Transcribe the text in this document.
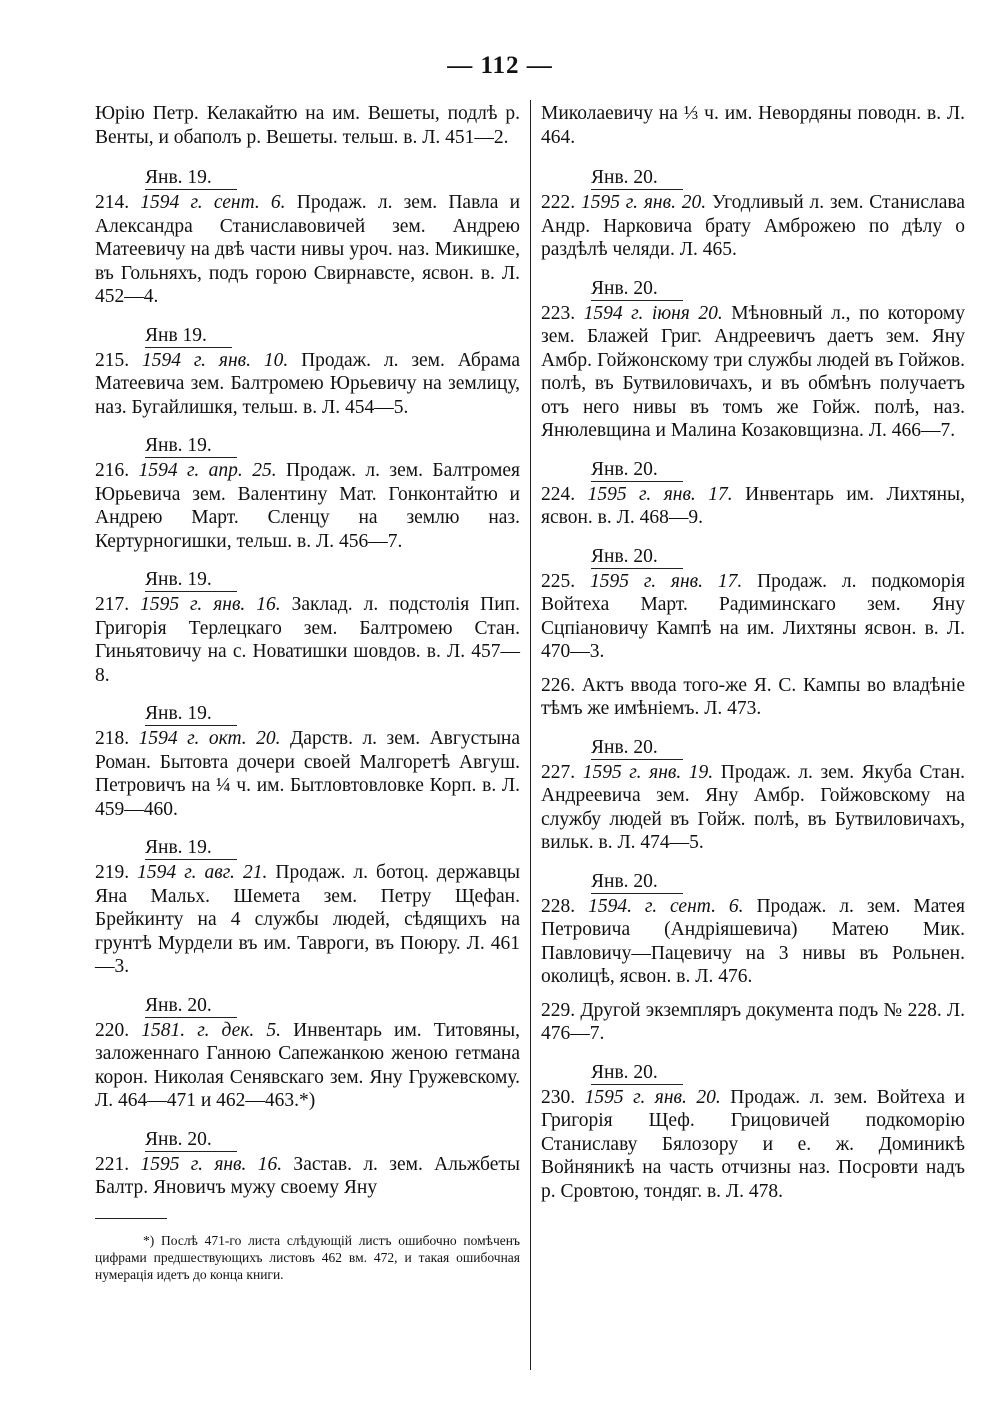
— 112 —

Юрію Петр. Келакайтю на им. Вешеты, подлѣ р. Венты, и обаполъ р. Вешеты. тельш. в. Л. 451—2.

Янв. 19.

214. 1594 г. сент. 6. Продаж. л. зем. Павла и Александра Станиславовичей зем. Андрею Матеевичу на двѣ части нивы уроч. наз. Микишке, въ Гольняхъ, подъ горою Свирнавсте, ясвон. в. Л. 452—4.

Янв 19.

215. 1594 г. янв. 10. Продаж. л. зем. Абрама Матеевича зем. Балтромею Юрьевичу на землицу, наз. Бугайлишкя, тельш. в. Л. 454—5.

Янв. 19.

216. 1594 г. апр. 25. Продаж. л. зем. Балтромея Юрьевича зем. Валентину Мат. Гонконтайтю и Андрею Март. Сленцу на землю наз. Кертурногишки, тельш. в. Л. 456—7.

Янв. 19.

217. 1595 г. янв. 16. Заклад. л. подстолія Пип. Григорія Терлецкаго зем. Балтромею Стан. Гиньятовичу на с. Новатишки шовдов. в. Л. 457—8.

Янв. 19.

218. 1594 г. окт. 20. Дарств. л. зем. Августына Роман. Бытовта дочери своей Малгоретѣ Авгуш. Петровичъ на ¼ ч. им. Бытловтовловке Корп. в. Л. 459—460.

Янв. 19.

219. 1594 г. авг. 21. Продаж. л. ботоц. державцы Яна Мальх. Шемета зем. Петру Щефан. Брейкинту на 4 службы людей, сѣдящихъ на грунтѣ Мурдели въ им. Тавроги, въ Поюру. Л. 461—3.

Янв. 20.

220. 1581. г. дек. 5. Инвентарь им. Титовяны, заложеннаго Ганною Сапежанкою женою гетмана корон. Николая Сенявскаго зем. Яну Гружевскому. Л. 464—471 и 462—463.*)

Янв. 20.

221. 1595 г. янв. 16. Застав. л. зем. Альжбеты Балтр. Яновичъ мужу своему Яну

*) Послѣ 471-го листа слѣдующій листъ ошибочно помѣченъ цифрами предшествующихъ листовъ 462 вм. 472, и такая ошибочная нумерація идетъ до конца книги.

Миколаевичу на ⅓ ч. им. Невордяны поводн. в. Л. 464.

Янв. 20.

222. 1595 г. янв. 20. Угодливый л. зем. Станислава Андр. Нарковича брату Амброжею по дѣлу о раздѣлѣ челяди. Л. 465.

Янв. 20.

223. 1594 г. іюня 20. Мѣновный л., по которому зем. Блажей Григ. Андреевичъ даетъ зем. Яну Амбр. Гойжонскому три службы людей въ Гойжов. полѣ, въ Бутвиловичахъ, и въ обмѣнъ получаетъ отъ него нивы въ томъ же Гойж. полѣ, наз. Янюлевщина и Малина Козаковщизна. Л. 466—7.

Янв. 20.

224. 1595 г. янв. 17. Инвентарь им. Лихтяны, ясвон. в. Л. 468—9.

Янв. 20.

225. 1595 г. янв. 17. Продаж. л. подкоморія Войтеха Март. Радиминскаго зем. Яну Сцпіановичу Кампѣ на им. Лихтяны ясвон. в. Л. 470—3.

226. Актъ ввода того-же Я. С. Кампы во владѣніе тѣмъ же имѣніемъ. Л. 473.

Янв. 20.

227. 1595 г. янв. 19. Продаж. л. зем. Якуба Стан. Андреевича зем. Яну Амбр. Гойжовскому на службу людей въ Гойж. полѣ, въ Бутвиловичахъ, вильк. в. Л. 474—5.

Янв. 20.

228. 1594. г. сент. 6. Продаж. л. зем. Матея Петровича (Андріяшевича) Матею Мик. Павловичу—Пацевичу на 3 нивы въ Рольнен. околицѣ, ясвон. в. Л. 476.

229. Другой экземпляръ документа подъ № 228. Л. 476—7.

Янв. 20.

230. 1595 г. янв. 20. Продаж. л. зем. Войтеха и Григорія Щеф. Грицовичей подкоморію Станиславу Бялозору и е. ж. Доминикѣ Войняникѣ на часть отчизны наз. Посровти надъ р. Сровтою, тондяг. в. Л. 478.
